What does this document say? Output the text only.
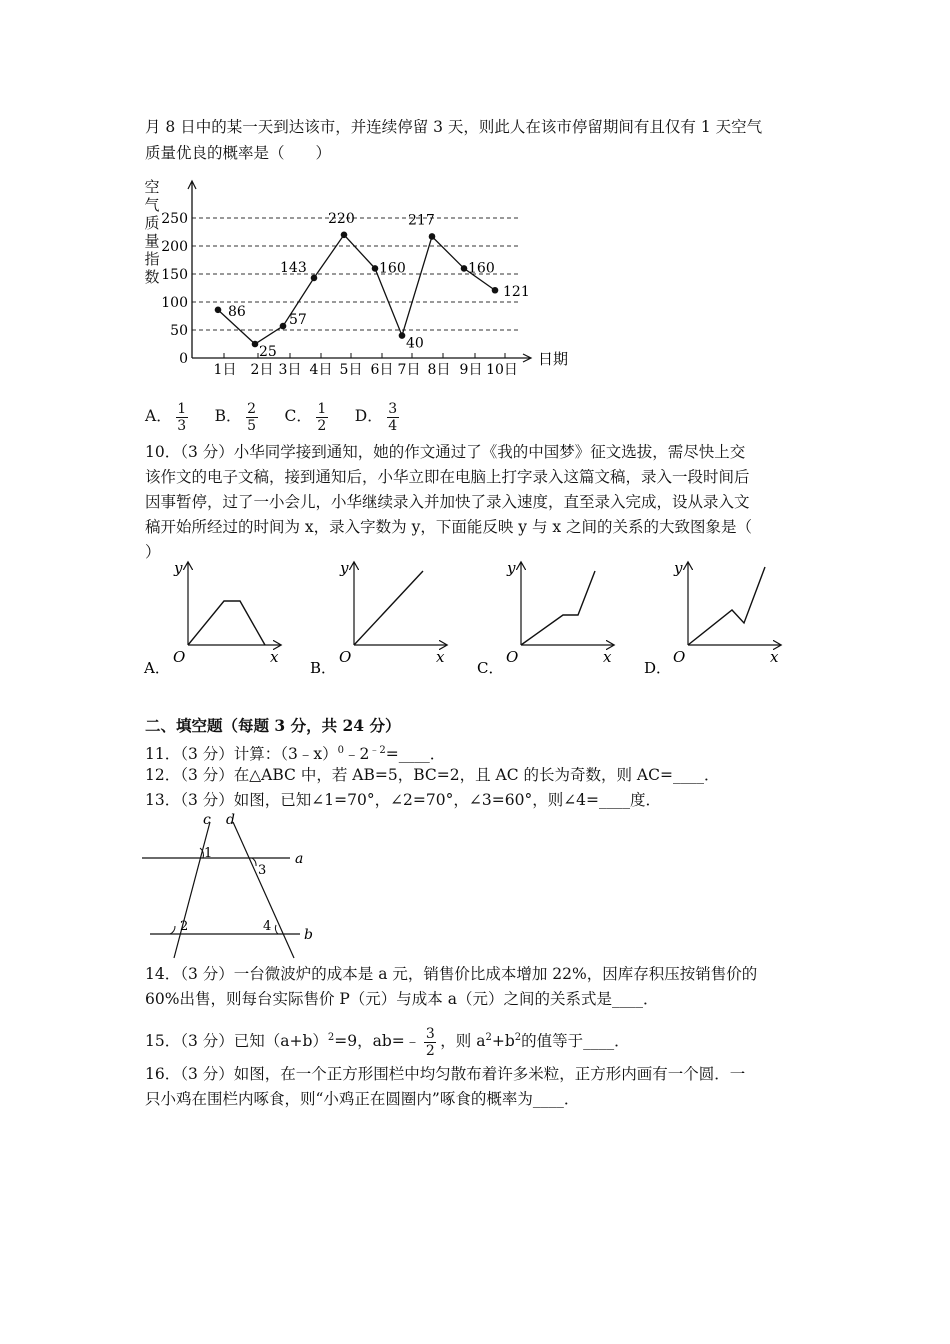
月 8 日中的某一天到达该市，并连续停留 3 天，则此人在该市停留期间有且仅有 1 天空气
质量优良的概率是（　　）
空气质量指数
0
50
100
150
200
250
1日 2日 3日 4日 5日 6日 7日 8日 9日 10日
日期
86
25
57
143
220
160
40
217
160
121
A． $\frac{1}{3}$ B． $\frac{2}{5}$ C． $\frac{1}{2}$ D． $\frac{3}{4}$
10．（3 分）小华同学接到通知，她的作文通过了《我的中国梦》征文选拔，需尽快上交
该作文的电子文稿，接到通知后，小华立即在电脑上打字录入这篇文稿，录入一段时间后
因事暂停，过了一小会儿，小华继续录入并加快了录入速度，直至录入完成，设从录入文
稿开始所经过的时间为 x，录入字数为 y，下面能反映 y 与 x 之间的关系的大致图象是（
）
y
x
O
A．
y
x
O
B．
y
x
O
C．
y
x
O
D．
二、填空题（每题 3 分，共 24 分）
11．（3 分）计算：$(3﹣x)^0﹣2^{﹣2}=\_\_\_\_$．
12．（3 分）在△ABC 中，若 AB=5，BC=2，且 AC 的长为奇数，则 AC=____．
13．（3 分）如图，已知∠1=70°，∠2=70°，∠3=60°，则∠4=____度．
c d
a
b
1
2
3
4
14．（3 分）一台微波炉的成本是 a 元，销售价比成本增加 22%，因库存积压按销售价的
60%出售，则每台实际售价 P（元）与成本 a（元）之间的关系式是____．
15．（3 分）已知$(a+b)^2=9$，ab=﹣ $\frac{3}{2}$ ，则 $a^2+b^2$的值等于____．
16．（3 分）如图，在一个正方形围栏中均匀散布着许多米粒，正方形内画有一个圆．一
只小鸡在围栏内啄食，则“小鸡正在圆圈内”啄食的概率为____．
